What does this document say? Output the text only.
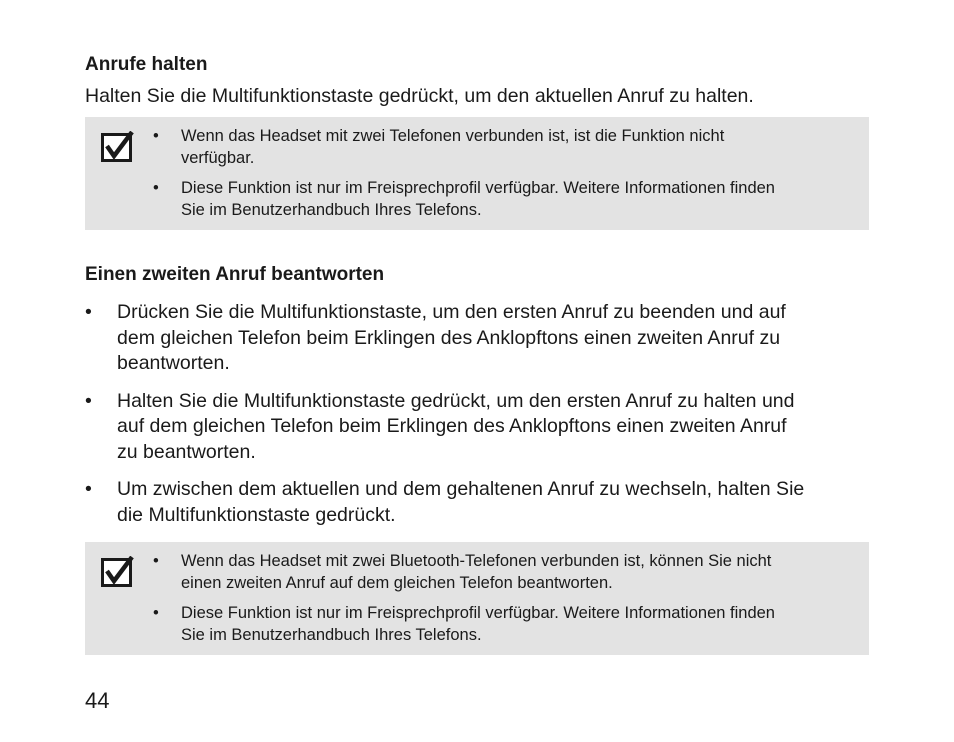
Anrufe halten
Halten Sie die Multifunktionstaste gedrückt, um den aktuellen Anruf zu halten.
• Wenn das Headset mit zwei Telefonen verbunden ist, ist die Funktion nicht
verfügbar.
• Diese Funktion ist nur im Freisprechprofil verfügbar. Weitere Informationen finden
Sie im Benutzerhandbuch Ihres Telefons.
Einen zweiten Anruf beantworten
• Drücken Sie die Multifunktionstaste, um den ersten Anruf zu beenden und auf
dem gleichen Telefon beim Erklingen des Anklopftons einen zweiten Anruf zu
beantworten.
• Halten Sie die Multifunktionstaste gedrückt, um den ersten Anruf zu halten und
auf dem gleichen Telefon beim Erklingen des Anklopftons einen zweiten Anruf
zu beantworten.
• Um zwischen dem aktuellen und dem gehaltenen Anruf zu wechseln, halten Sie
die Multifunktionstaste gedrückt.
• Wenn das Headset mit zwei Bluetooth-Telefonen verbunden ist, können Sie nicht
einen zweiten Anruf auf dem gleichen Telefon beantworten.
• Diese Funktion ist nur im Freisprechprofil verfügbar. Weitere Informationen finden
Sie im Benutzerhandbuch Ihres Telefons.
44
